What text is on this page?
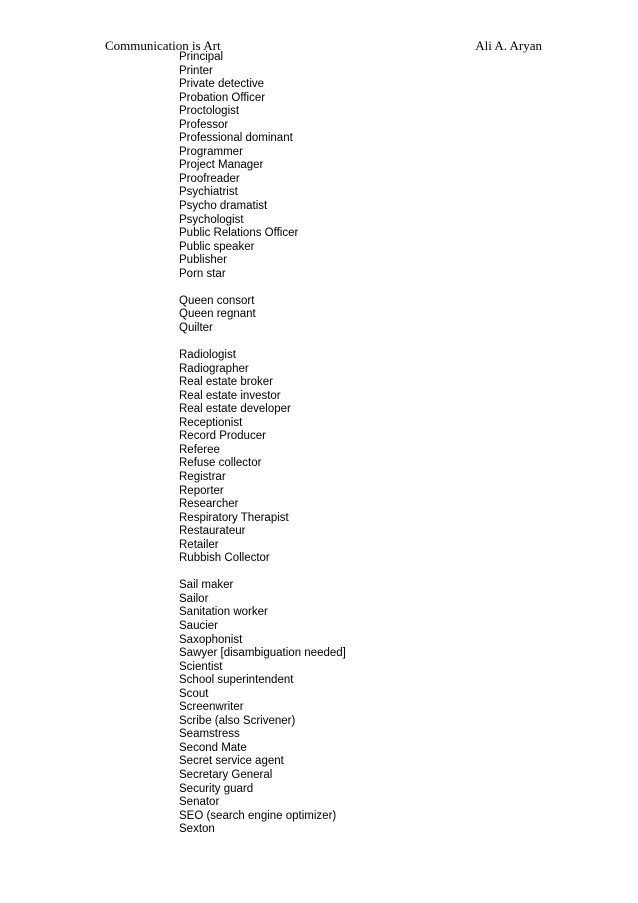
Communication is Art	Ali A. Aryan
Principal
Printer
Private detective
Probation Officer
Proctologist
Professor
Professional dominant
Programmer
Project Manager
Proofreader
Psychiatrist
Psycho dramatist
Psychologist
Public Relations Officer
Public speaker
Publisher
Porn star
Queen consort
Queen regnant
Quilter
Radiologist
Radiographer
Real estate broker
Real estate investor
Real estate developer
Receptionist
Record Producer
Referee
Refuse collector
Registrar
Reporter
Researcher
Respiratory Therapist
Restaurateur
Retailer
Rubbish Collector
Sail maker
Sailor
Sanitation worker
Saucier
Saxophonist
Sawyer [disambiguation needed]
Scientist
School superintendent
Scout
Screenwriter
Scribe (also Scrivener)
Seamstress
Second Mate
Secret service agent
Secretary General
Security guard
Senator
SEO (search engine optimizer)
Sexton
